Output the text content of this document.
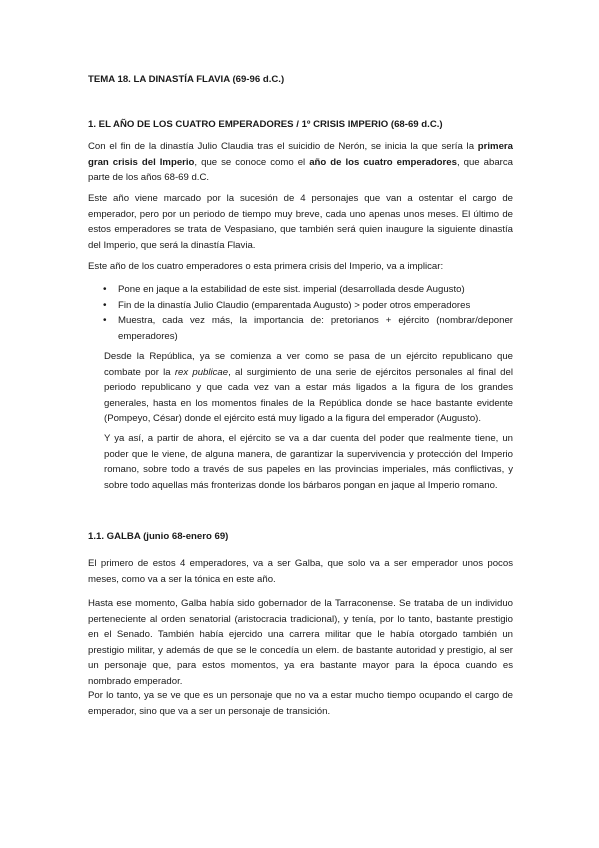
TEMA 18. LA DINASTÍA FLAVIA (69-96 d.C.)
1. EL AÑO DE LOS CUATRO EMPERADORES / 1º CRISIS IMPERIO (68-69 d.C.)
Con el fin de la dinastía Julio Claudia tras el suicidio de Nerón, se inicia la que sería la primera gran crisis del Imperio, que se conoce como el año de los cuatro emperadores, que abarca parte de los años 68-69 d.C.
Este año viene marcado por la sucesión de 4 personajes que van a ostentar el cargo de emperador, pero por un periodo de tiempo muy breve, cada uno apenas unos meses. El último de estos emperadores se trata de Vespasiano, que también será quien inaugure la siguiente dinastía del Imperio, que será la dinastía Flavia.
Este año de los cuatro emperadores o esta primera crisis del Imperio, va a implicar:
• Pone en jaque a la estabilidad de este sist. imperial (desarrollada desde Augusto)
• Fin de la dinastía Julio Claudio (emparentada Augusto) > poder otros emperadores
• Muestra, cada vez más, la importancia de: pretorianos + ejército (nombrar/deponer emperadores)
Desde la República, ya se comienza a ver como se pasa de un ejército republicano que combate por la rex publicae, al surgimiento de una serie de ejércitos personales al final del periodo republicano y que cada vez van a estar más ligados a la figura de los grandes generales, hasta en los momentos finales de la República donde se hace bastante evidente (Pompeyo, César) donde el ejército está muy ligado a la figura del emperador (Augusto).
Y ya así, a partir de ahora, el ejército se va a dar cuenta del poder que realmente tiene, un poder que le viene, de alguna manera, de garantizar la supervivencia y protección del Imperio romano, sobre todo a través de sus papeles en las provincias imperiales, más conflictivas, y sobre todo aquellas más fronterizas donde los bárbaros pongan en jaque al Imperio romano.
1.1. GALBA (junio 68-enero 69)
El primero de estos 4 emperadores, va a ser Galba, que solo va a ser emperador unos pocos meses, como va a ser la tónica en este año.
Hasta ese momento, Galba había sido gobernador de la Tarraconense. Se trataba de un individuo perteneciente al orden senatorial (aristocracia tradicional), y tenía, por lo tanto, bastante prestigio en el Senado. También había ejercido una carrera militar que le había otorgado también un prestigio militar, y además de que se le concedía un elem. de bastante autoridad y prestigio, al ser un personaje que, para estos momentos, ya era bastante mayor para la época cuando es nombrado emperador.
Por lo tanto, ya se ve que es un personaje que no va a estar mucho tiempo ocupando el cargo de emperador, sino que va a ser un personaje de transición.
